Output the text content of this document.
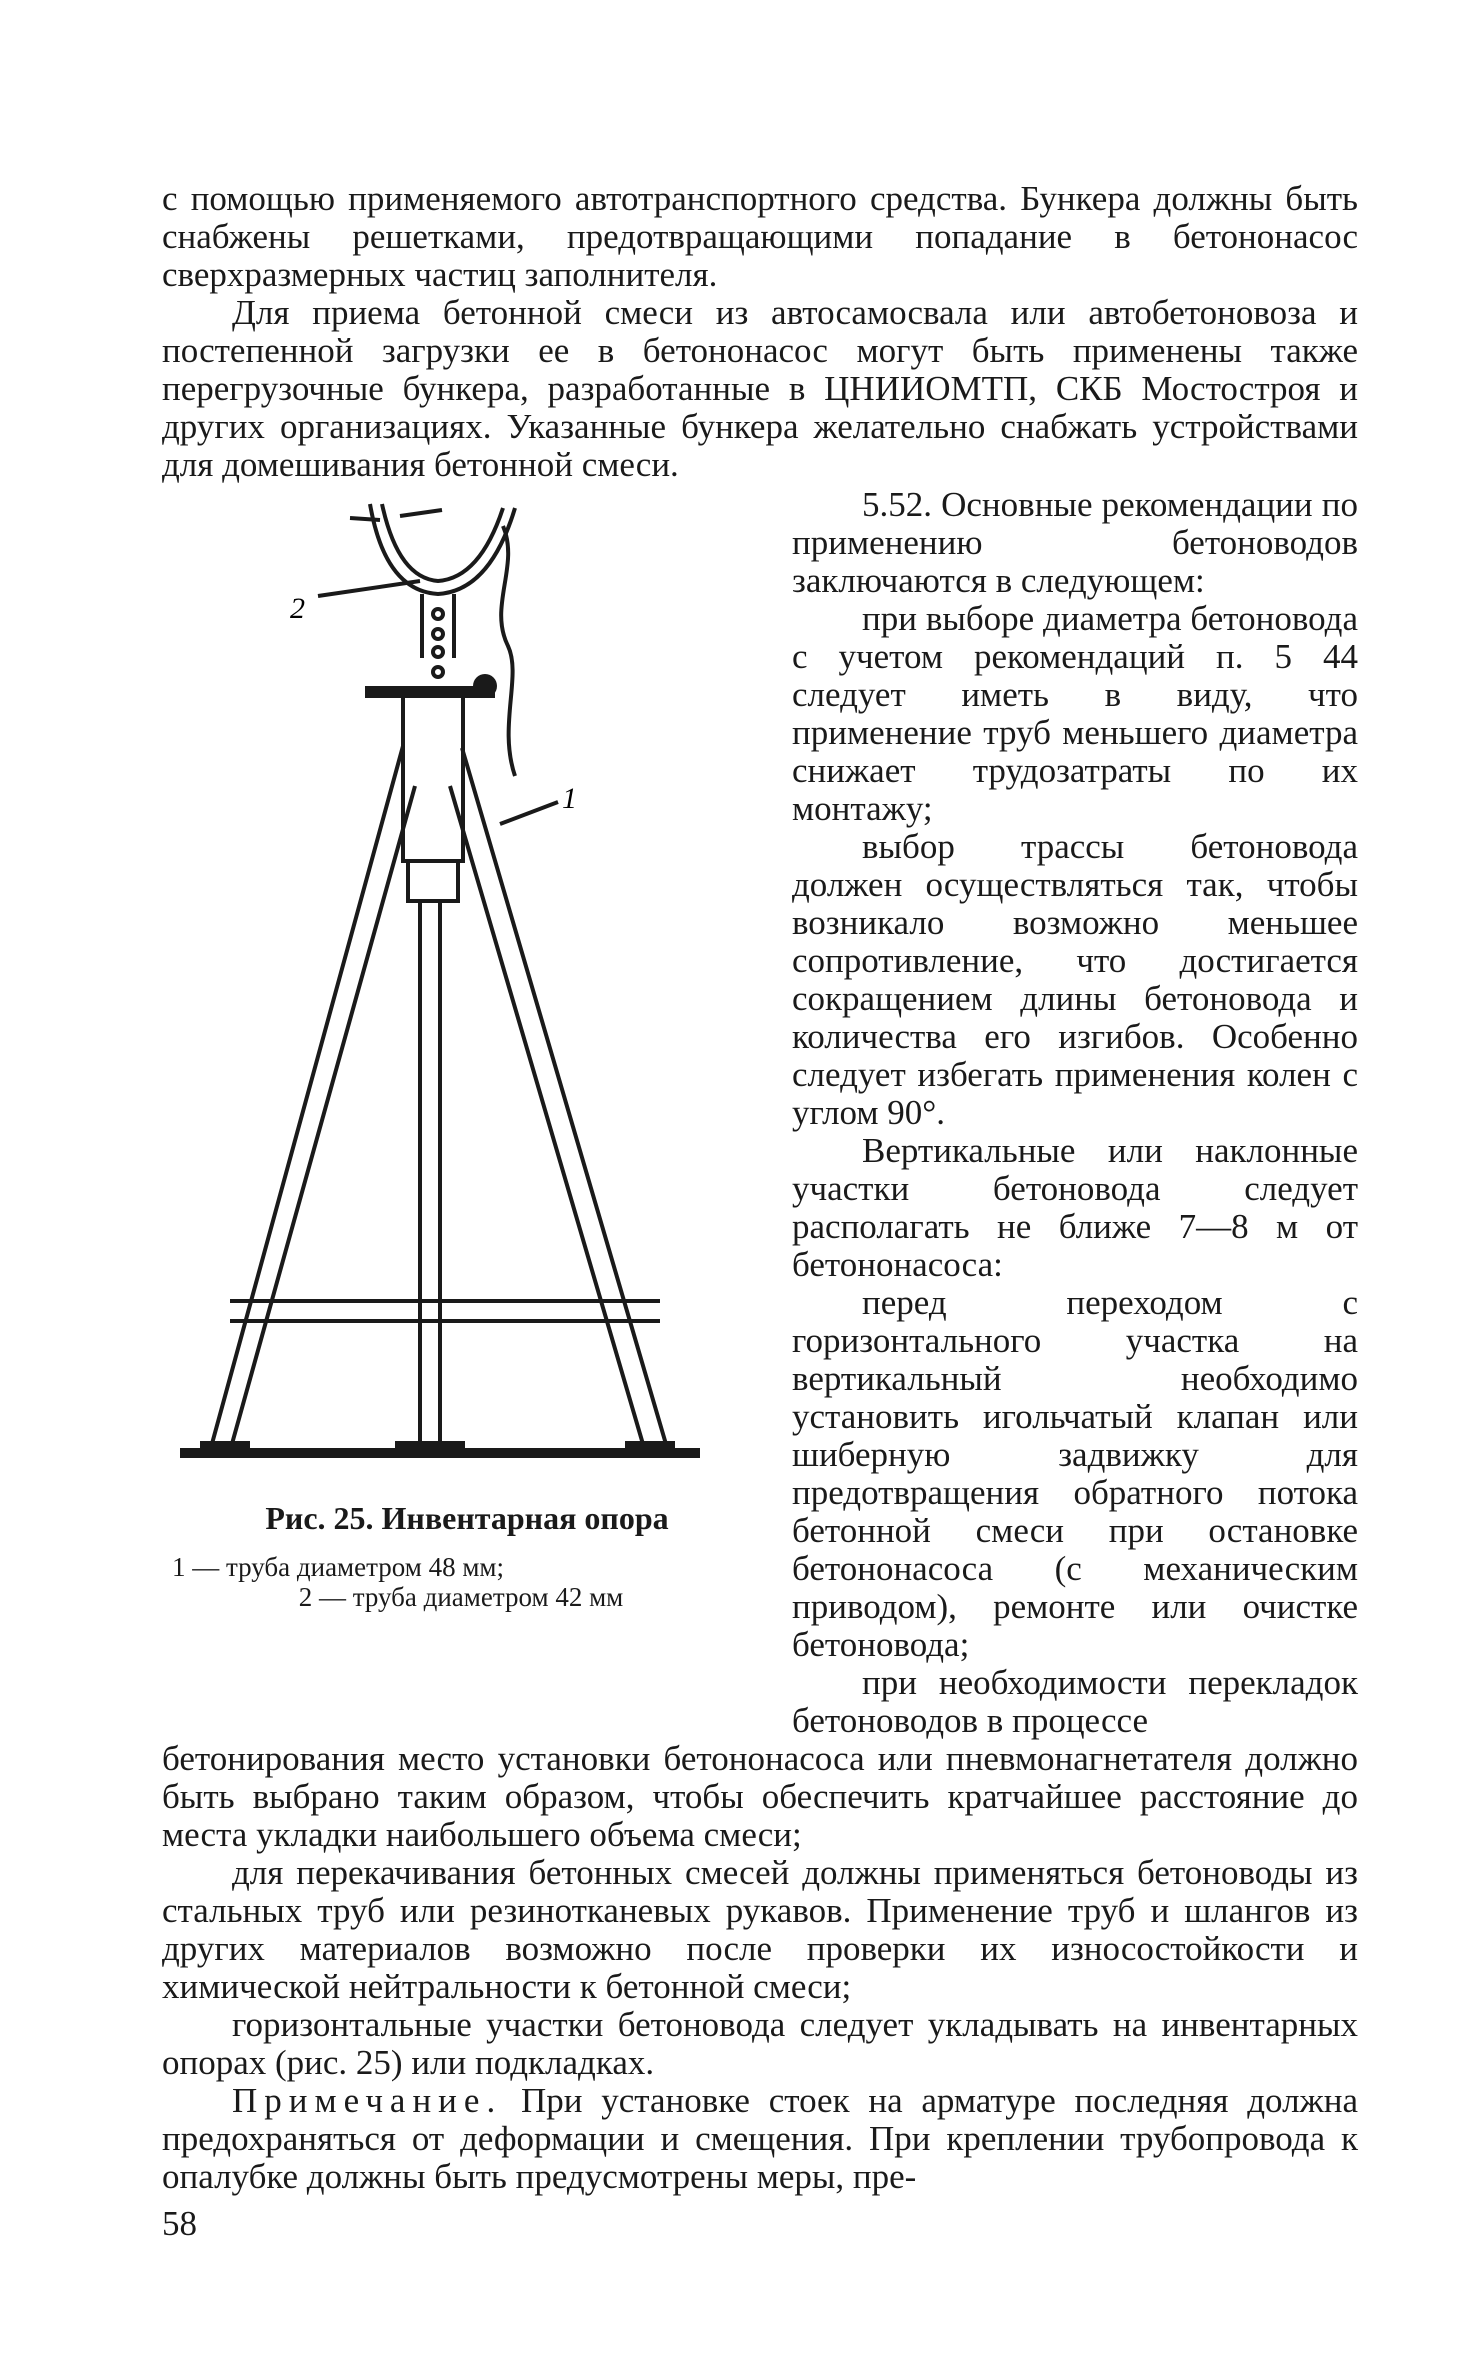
с помощью применяемого автотранспортного средства. Бункера должны быть снабжены решетками, предотвращающими попадание в бетононасос сверхразмерных частиц заполнителя.

Для приема бетонной смеси из автосамосвала или автобетоновоза и постепенной загрузки ее в бетононасос могут быть применены также перегрузочные бункера, разработанные в ЦНИИОМТП, СКБ Мостостроя и других организациях. Указанные бункера желательно снабжать устройствами для домешивания бетонной смеси.

2
1
Рис. 25. Инвентарная опора
1 — труба диаметром 48 мм;
2 — труба диаметром 42 мм

5.52. Основные рекомендации по применению бетоноводов заключаются в следующем:

при выборе диаметра бетоновода с учетом рекомендаций п. 5 44 следует иметь в виду, что применение труб меньшего диаметра снижает трудозатраты по их монтажу;

выбор трассы бетоновода должен осуществляться так, чтобы возникало возможно меньшее сопротивление, что достигается сокращением длины бетоновода и количества его изгибов. Особенно следует избегать применения колен с углом 90°.

Вертикальные или наклонные участки бетоновода следует располагать не ближе 7—8 м от бетононасоса:

перед переходом с горизонтального участка на вертикальный необходимо установить игольчатый клапан или шиберную задвижку для предотвращения обратного потока бетонной смеси при остановке бетононасоса (с механическим приводом), ремонте или очистке бетоновода;

при необходимости перекладок бетоноводов в процессе

бетонирования место установки бетононасоса или пневмонагнетателя должно быть выбрано таким образом, чтобы обеспечить кратчайшее расстояние до места укладки наибольшего объема смеси;

для перекачивания бетонных смесей должны применяться бетоноводы из стальных труб или резинотканевых рукавов. Применение труб и шлангов из других материалов возможно после проверки их износостойкости и химической нейтральности к бетонной смеси;

горизонтальные участки бетоновода следует укладывать на инвентарных опорах (рис. 25) или подкладках.

Примечание. При установке стоек на арматуре последняя должна предохраняться от деформации и смещения. При креплении трубопровода к опалубке должны быть предусмотрены меры, пре-

58
